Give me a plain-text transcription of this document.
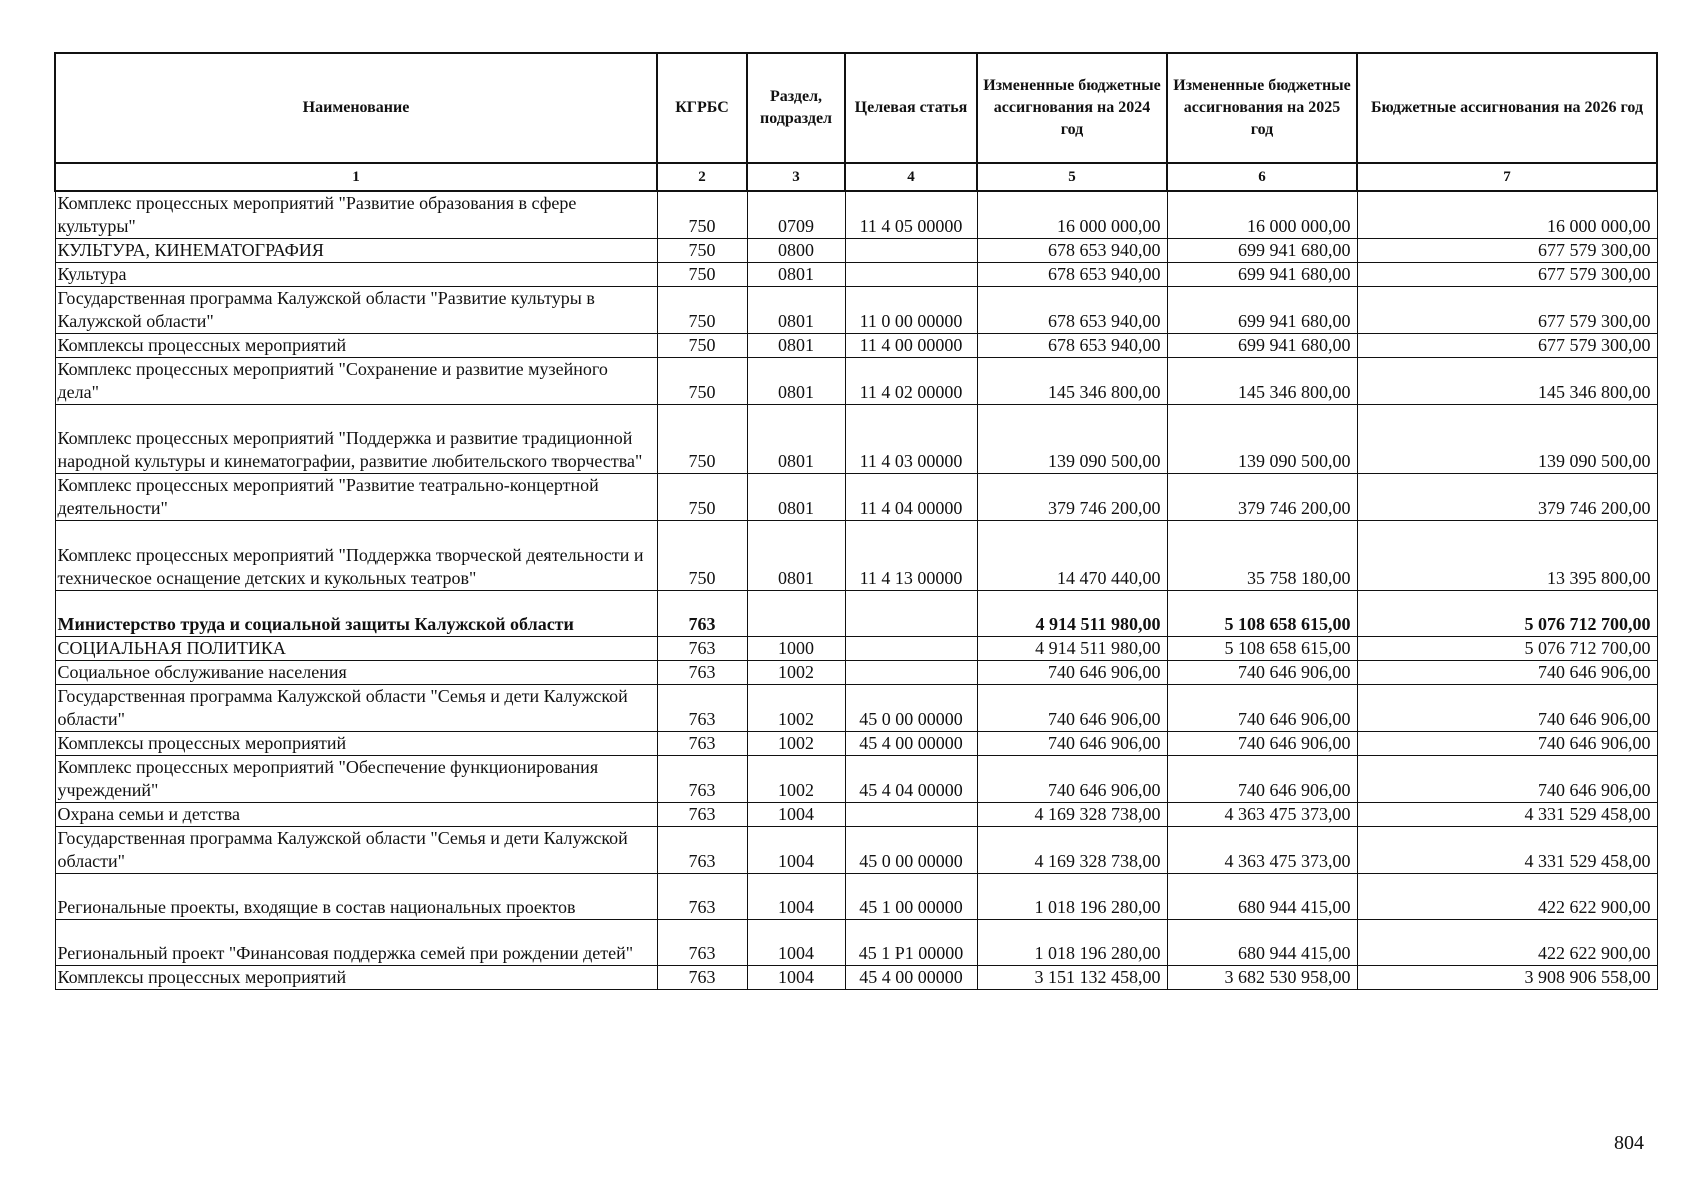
Наименование	КГРБС	Раздел, подраздел	Целевая статья	Измененные бюджетные ассигнования на 2024 год	Измененные бюджетные ассигнования на 2025 год	Бюджетные ассигнования на 2026 год
1	2	3	4	5	6	7
Комплекс процессных мероприятий "Развитие образования в сфере культуры"	750	0709	11 4 05 00000	16 000 000,00	16 000 000,00	16 000 000,00
КУЛЬТУРА, КИНЕМАТОГРАФИЯ	750	0800		678 653 940,00	699 941 680,00	677 579 300,00
Культура	750	0801		678 653 940,00	699 941 680,00	677 579 300,00
Государственная программа Калужской области "Развитие культуры в Калужской области"	750	0801	11 0 00 00000	678 653 940,00	699 941 680,00	677 579 300,00
Комплексы процессных мероприятий	750	0801	11 4 00 00000	678 653 940,00	699 941 680,00	677 579 300,00
Комплекс процессных мероприятий "Сохранение и развитие музейного дела"	750	0801	11 4 02 00000	145 346 800,00	145 346 800,00	145 346 800,00
Комплекс процессных мероприятий "Поддержка и развитие традиционной народной культуры и кинематографии, развитие любительского творчества"	750	0801	11 4 03 00000	139 090 500,00	139 090 500,00	139 090 500,00
Комплекс процессных мероприятий "Развитие театрально-концертной деятельности"	750	0801	11 4 04 00000	379 746 200,00	379 746 200,00	379 746 200,00
Комплекс процессных мероприятий "Поддержка творческой деятельности и техническое оснащение детских и кукольных театров"	750	0801	11 4 13 00000	14 470 440,00	35 758 180,00	13 395 800,00
Министерство труда и социальной защиты Калужской области	763			4 914 511 980,00	5 108 658 615,00	5 076 712 700,00
СОЦИАЛЬНАЯ ПОЛИТИКА	763	1000		4 914 511 980,00	5 108 658 615,00	5 076 712 700,00
Социальное обслуживание населения	763	1002		740 646 906,00	740 646 906,00	740 646 906,00
Государственная программа Калужской области "Семья и дети Калужской области"	763	1002	45 0 00 00000	740 646 906,00	740 646 906,00	740 646 906,00
Комплексы процессных мероприятий	763	1002	45 4 00 00000	740 646 906,00	740 646 906,00	740 646 906,00
Комплекс процессных мероприятий "Обеспечение функционирования учреждений"	763	1002	45 4 04 00000	740 646 906,00	740 646 906,00	740 646 906,00
Охрана семьи и детства	763	1004		4 169 328 738,00	4 363 475 373,00	4 331 529 458,00
Государственная программа Калужской области "Семья и дети Калужской области"	763	1004	45 0 00 00000	4 169 328 738,00	4 363 475 373,00	4 331 529 458,00
Региональные проекты, входящие в состав национальных проектов	763	1004	45 1 00 00000	1 018 196 280,00	680 944 415,00	422 622 900,00
Региональный проект "Финансовая поддержка семей при рождении детей"	763	1004	45 1 P1 00000	1 018 196 280,00	680 944 415,00	422 622 900,00
Комплексы процессных мероприятий	763	1004	45 4 00 00000	3 151 132 458,00	3 682 530 958,00	3 908 906 558,00
804
